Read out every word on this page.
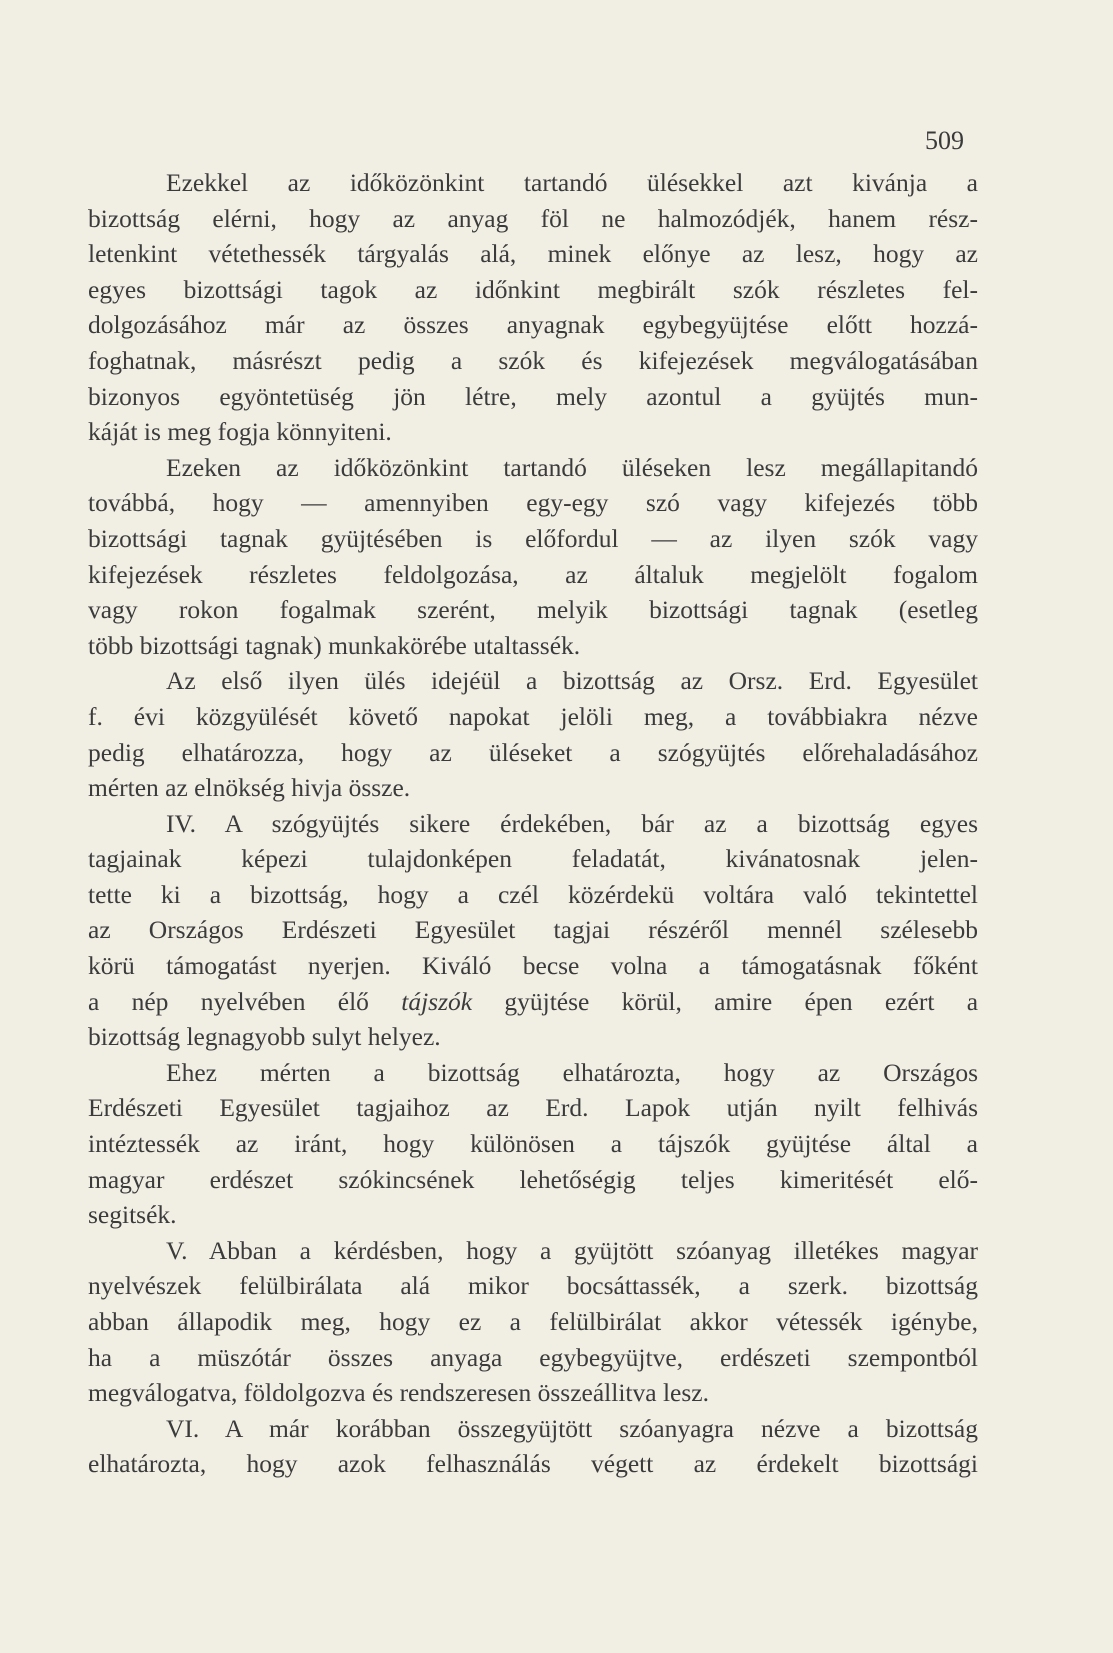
509
Ezekkel az időközönkint tartandó ülésekkel azt kivánja a
bizottság elérni, hogy az anyag föl ne halmozódjék, hanem rész-
letenkint vétethessék tárgyalás alá, minek előnye az lesz, hogy az
egyes bizottsági tagok az időnkint megbirált szók részletes fel-
dolgozásához már az összes anyagnak egybegyüjtése előtt hozzá-
foghatnak, másrészt pedig a szók és kifejezések megválogatásában
bizonyos egyöntetüség jön létre, mely azontul a gyüjtés mun-
káját is meg fogja könnyiteni.
Ezeken az időközönkint tartandó üléseken lesz megállapitandó
továbbá, hogy — amennyiben egy-egy szó vagy kifejezés több
bizottsági tagnak gyüjtésében is előfordul — az ilyen szók vagy
kifejezések részletes feldolgozása, az általuk megjelölt fogalom
vagy rokon fogalmak szerént, melyik bizottsági tagnak (esetleg
több bizottsági tagnak) munkakörébe utaltassék.
Az első ilyen ülés idejéül a bizottság az Orsz. Erd. Egyesület
f. évi közgyülését követő napokat jelöli meg, a továbbiakra nézve
pedig elhatározza, hogy az üléseket a szógyüjtés előrehaladásához
mérten az elnökség hivja össze.
IV. A szógyüjtés sikere érdekében, bár az a bizottság egyes
tagjainak képezi tulajdonképen feladatát, kivánatosnak jelen-
tette ki a bizottság, hogy a czél közérdekü voltára való tekintettel
az Országos Erdészeti Egyesület tagjai részéről mennél szélesebb
körü támogatást nyerjen. Kiváló becse volna a támogatásnak főként
a nép nyelvében élő tájszók gyüjtése körül, amire épen ezért a
bizottság legnagyobb sulyt helyez.
Ehez mérten a bizottság elhatározta, hogy az Országos
Erdészeti Egyesület tagjaihoz az Erd. Lapok utján nyilt felhivás
intéztessék az iránt, hogy különösen a tájszók gyüjtése által a
magyar erdészet szókincsének lehetőségig teljes kimeritését elő-
segitsék.
V. Abban a kérdésben, hogy a gyüjtött szóanyag illetékes magyar
nyelvészek felülbirálata alá mikor bocsáttassék, a szerk. bizottság
abban állapodik meg, hogy ez a felülbirálat akkor vétessék igénybe,
ha a müszótár összes anyaga egybegyüjtve, erdészeti szempontból
megválogatva, földolgozva és rendszeresen összeállitva lesz.
VI. A már korábban összegyüjtött szóanyagra nézve a bizottság
elhatározta, hogy azok felhasználás végett az érdekelt bizottsági
